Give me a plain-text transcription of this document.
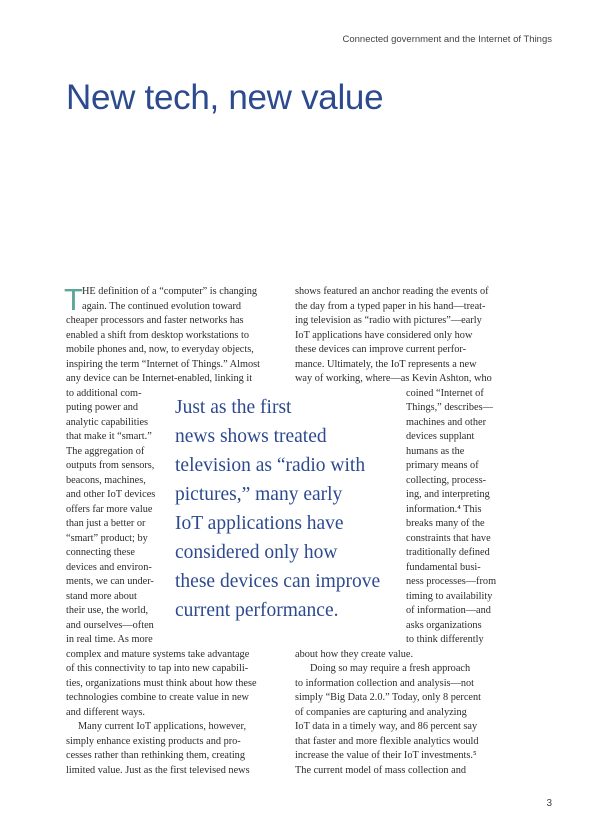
Connected government and the Internet of Things
New tech, new value
T HE definition of a “computer” is changing
again. The continued evolution toward
cheaper processors and faster networks has
enabled a shift from desktop workstations to
mobile phones and, now, to everyday objects,
inspiring the term “Internet of Things.” Almost
any device can be Internet-enabled, linking it
to additional com-
puting power and
analytic capabilities
that make it “smart.”
The aggregation of
outputs from sensors,
beacons, machines,
and other IoT devices
offers far more value
than just a better or
“smart” product; by
connecting these
devices and environ-
ments, we can under-
stand more about
their use, the world,
and ourselves—often
in real time. As more
complex and mature systems take advantage
of this connectivity to tap into new capabili-
ties, organizations must think about how these
technologies combine to create value in new
and different ways.
Many current IoT applications, however,
simply enhance existing products and pro-
cesses rather than rethinking them, creating
limited value. Just as the first televised news
shows featured an anchor reading the events of
the day from a typed paper in his hand—treat-
ing television as “radio with pictures”—early
IoT applications have considered only how
these devices can improve current perfor-
mance. Ultimately, the IoT represents a new
way of working, where—as Kevin Ashton, who
coined “Internet of
Things,” describes—
machines and other
devices supplant
humans as the
primary means of
collecting, process-
ing, and interpreting
information.⁴ This
breaks many of the
constraints that have
traditionally defined
fundamental busi-
ness processes—from
timing to availability
of information—and
asks organizations
to think differently
about how they create value.
Doing so may require a fresh approach
to information collection and analysis—not
simply “Big Data 2.0.” Today, only 8 percent
of companies are capturing and analyzing
IoT data in a timely way, and 86 percent say
that faster and more flexible analytics would
increase the value of their IoT investments.⁵
The current model of mass collection and
Just as the first
news shows treated
television as “radio with
pictures,” many early
IoT applications have
considered only how
these devices can improve
current performance.
3
